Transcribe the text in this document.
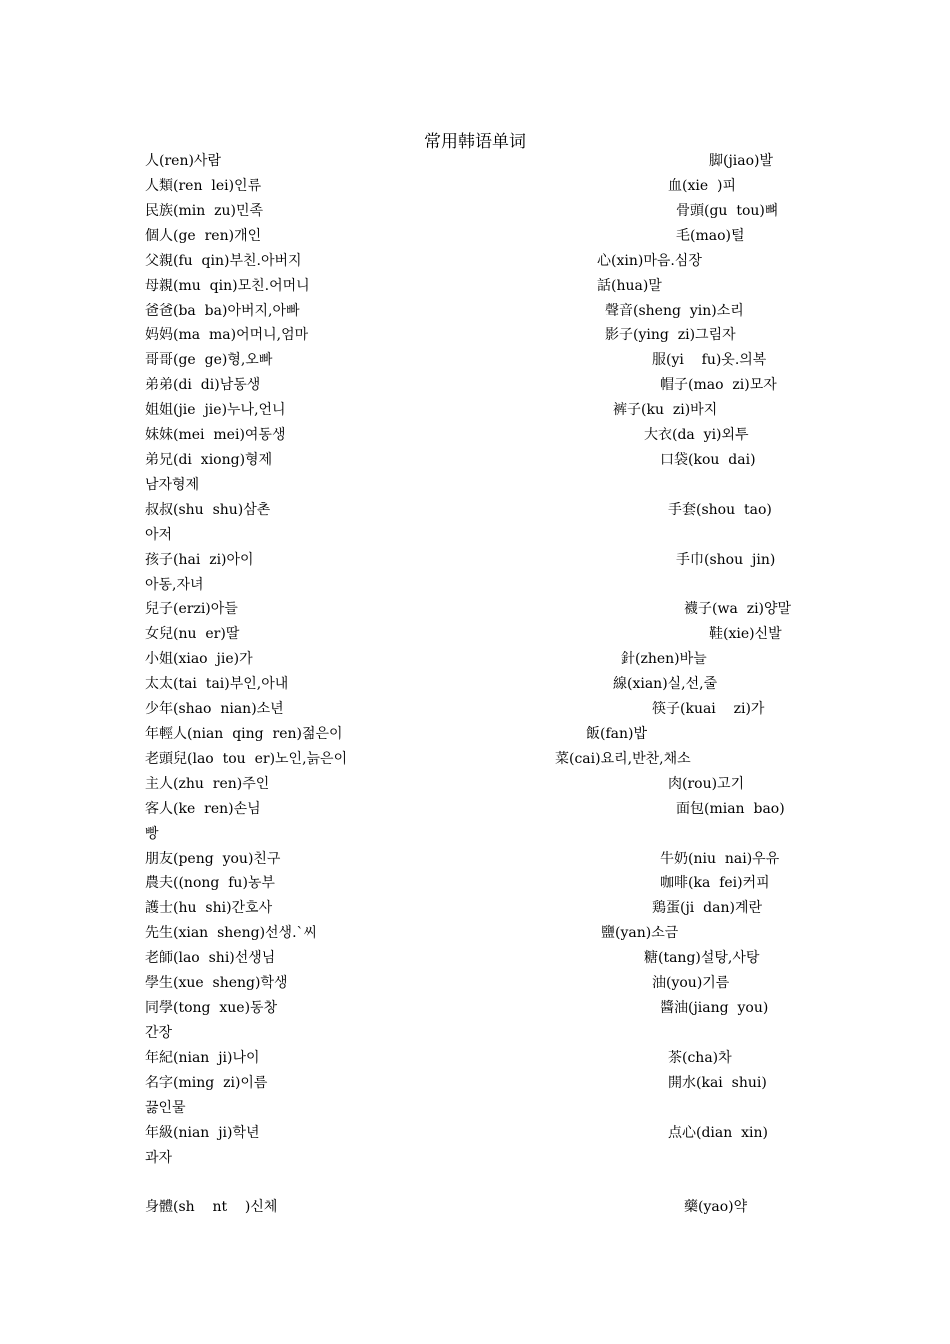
常用韩语单词
人(ren)사람
人類(ren  lei)인류
民族(min  zu)민족
個人(ge  ren)개인
父親(fu  qin)부친.아버지
母親(mu  qin)모친.어머니
爸爸(ba  ba)아버지,아빠
妈妈(ma  ma)어머니,엄마
哥哥(ge  ge)형,오빠
弟弟(di  di)남동생
姐姐(jie  jie)누나,언니
妹妹(mei  mei)여동생
弟兄(di  xiong)형제
남자형제
叔叔(shu  shu)삼촌
아저
孩子(hai  zi)아이
아동,자녀
兒子(erzi)아들
女兒(nu  er)딸
小姐(xiao  jie)가
太太(tai  tai)부인,아내
少年(shao  nian)소년
年輕人(nian  qing  ren)젊은이
老頭兒(lao  tou  er)노인,늙은이
主人(zhu  ren)주인
客人(ke  ren)손님
빵
朋友(peng  you)친구
農夫((nong  fu)농부
護士(hu  shi)간호사
先生(xian  sheng)선생.`씨
老師(lao  shi)선생님
學生(xue  sheng)학생
同學(tong  xue)동창
간장
年紀(nian  ji)나이
名字(ming  zi)이름
끓인물
年級(nian  ji)학년
과자
身體(sh    nt    )신체
脚(jiao)발
血(xie  )피
骨頭(gu  tou)뼈
毛(mao)털
心(xin)마음.심장
話(hua)말
聲音(sheng  yin)소리
影子(ying  zi)그림자
服(yi    fu)옷.의복
帽子(mao  zi)모자
裤子(ku  zi)바지
大衣(da  yi)외투
口袋(kou  dai)
手套(shou  tao)
手巾(shou  jin)
襪子(wa  zi)양말
鞋(xie)신발
針(zhen)바늘
線(xian)실,선,줄
筷子(kuai    zi)가
飯(fan)밥
菜(cai)요리,반찬,채소
肉(rou)고기
面包(mian  bao)
牛奶(niu  nai)우유
咖啡(ka  fei)커피
鶏蛋(ji  dan)계란
鹽(yan)소금
糖(tang)설탕,사탕
油(you)기름
醬油(jiang  you)
茶(cha)차
開水(kai  shui)
点心(dian  xin)
藥(yao)약
